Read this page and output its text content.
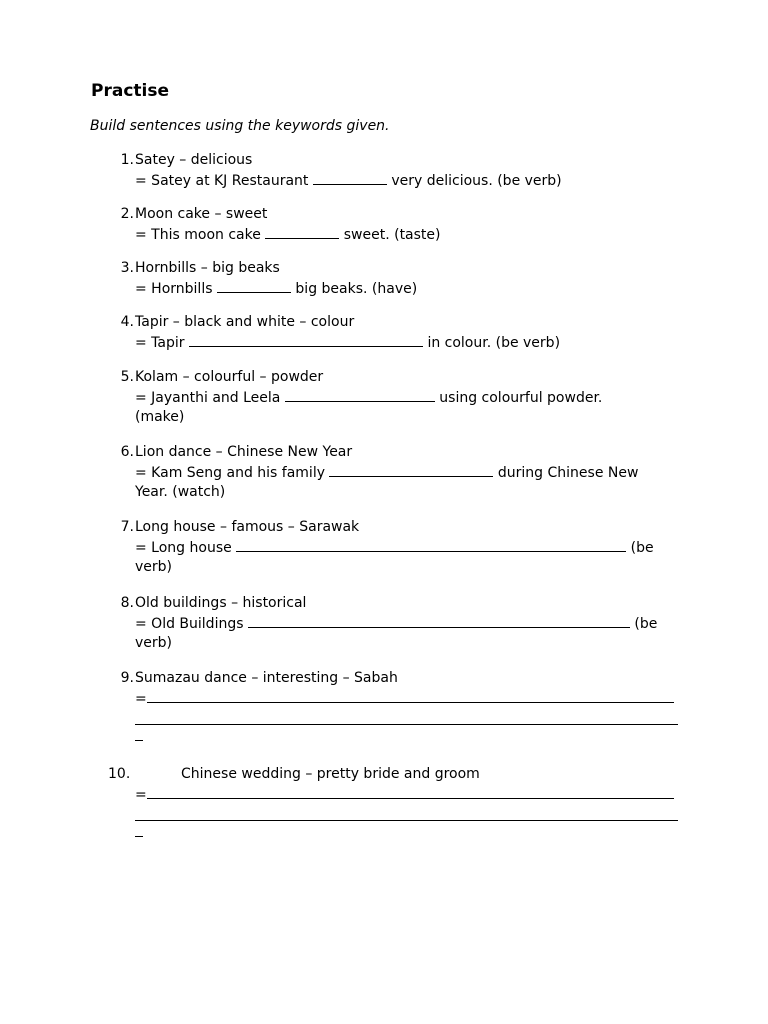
Practise

Build sentences using the keywords given.

1. Satey – delicious
= Satey at KJ Restaurant	very delicious. (be verb)
2. Moon cake – sweet
= This moon cake	sweet. (taste)
3. Hornbills – big beaks
= Hornbills	big beaks. (have)
4. Tapir – black and white – colour
= Tapir	in colour. (be verb)
5. Kolam – colourful – powder
= Jayanthi and Leela	using colourful powder.
(make)
6. Lion dance – Chinese New Year
= Kam Seng and his family	during Chinese New
Year. (watch)
7. Long house – famous – Sarawak
= Long house	(be
verb)
8. Old buildings – historical
= Old Buildings	(be
verb)
9. Sumazau dance – interesting – Sabah
=
10.	Chinese wedding – pretty bride and groom
=
